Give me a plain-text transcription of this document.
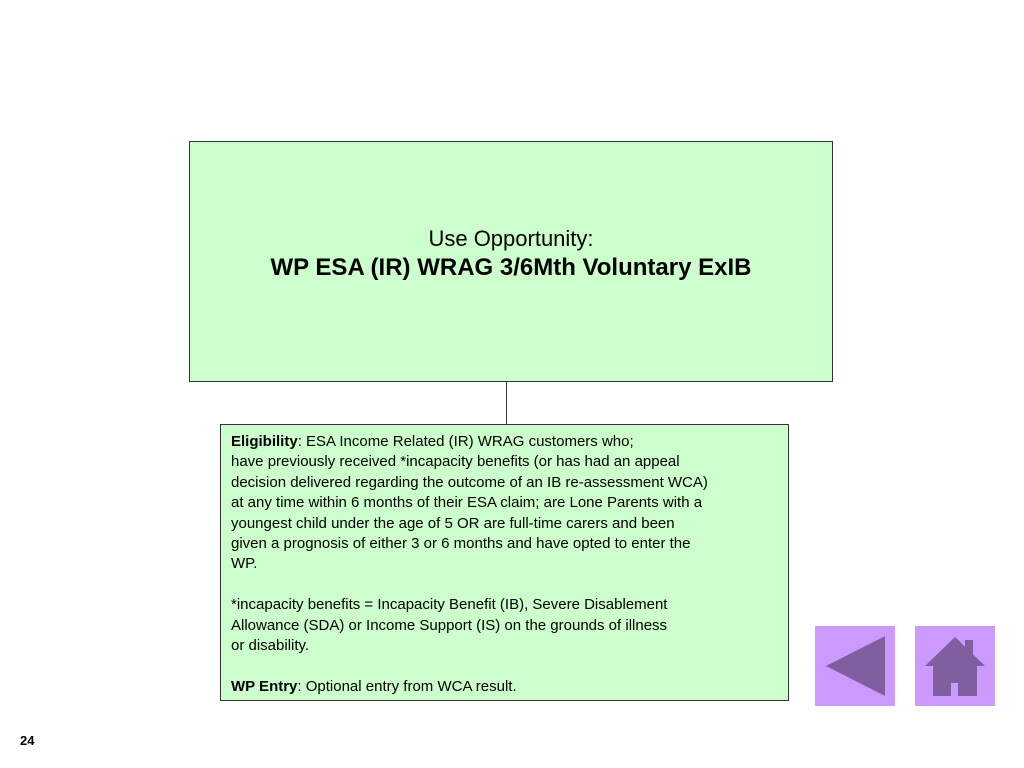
Use Opportunity:
WP ESA (IR) WRAG 3/6Mth Voluntary ExIB

Eligibility: ESA Income Related (IR) WRAG customers who;

have previously received *incapacity benefits (or has had an appeal

decision delivered regarding the outcome of an IB re-assessment WCA)

at any time within 6 months of their ESA claim; are Lone Parents with a

youngest child under the age of 5 OR are full-time carers and been

given a prognosis of either 3 or 6 months and have opted to enter the

WP.

*incapacity benefits = Incapacity Benefit (IB), Severe Disablement

Allowance (SDA) or Income Support (IS) on the grounds of illness

or disability.

WP Entry: Optional entry from WCA result.

24
